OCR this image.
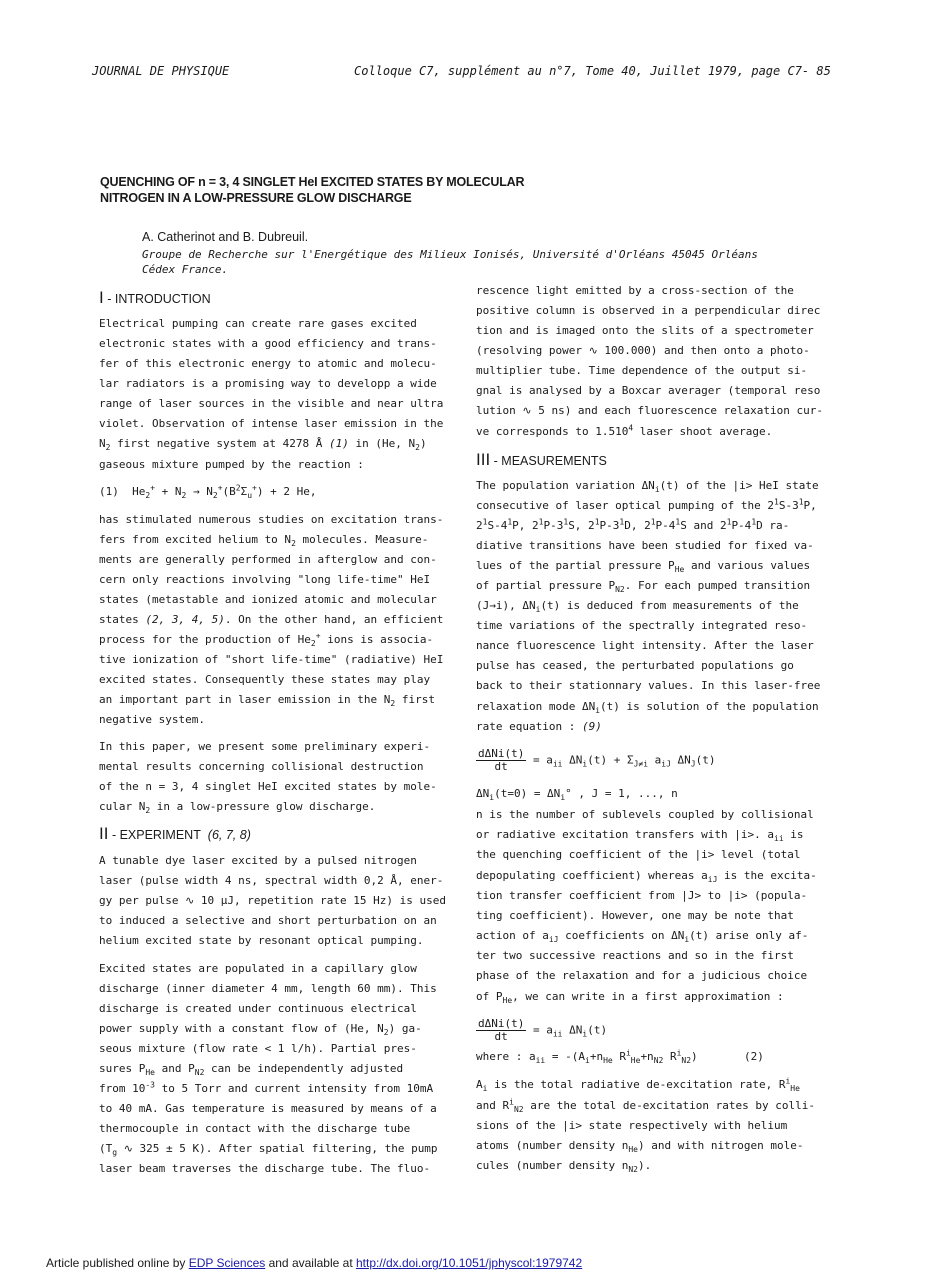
JOURNAL DE PHYSIQUE	Colloque C7, supplément au n°7, Tome 40, Juillet 1979, page C7- 85
QUENCHING OF n = 3, 4 SINGLET HeI EXCITED STATES BY MOLECULAR
NITROGEN IN A LOW-PRESSURE GLOW DISCHARGE
A. Catherinot and B. Dubreuil.
Groupe de Recherche sur l'Energétique des Milieux Ionisés, Université d'Orléans 45045 Orléans
Cédex France.
I - INTRODUCTION
Electrical pumping can create rare gases excited
electronic states with a good efficiency and trans-
fer of this electronic energy to atomic and molecu-
lar radiators is a promising way to developp a wide
range of laser sources in the visible and near ultra
violet. Observation of intense laser emission in the
$N_2$ first negative system at 4278 Å (1) in (He, $N_2$)
gaseous mixture pumped by the reaction :
(1) $He_2^+ + N_2 \to N_2^+(B^2\Sigma_u^+) + 2$ He,
has stimulated numerous studies on excitation trans-
fers from excited helium to $N_2$ molecules. Measure-
ments are generally performed in afterglow and con-
cern only reactions involving "long life-time" HeI
states (metastable and ionized atomic and molecular
states (2, 3, 4, 5). On the other hand, an efficient
process for the production of $He_2^+$ ions is associa-
tive ionization of "short life-time" (radiative) HeI
excited states. Consequently these states may play
an important part in laser emission in the $N_2$ first
negative system.
In this paper, we present some preliminary experi-
mental results concerning collisional destruction
of the n = 3, 4 singlet HeI excited states by mole-
cular $N_2$ in a low-pressure glow discharge.
II - EXPERIMENT (6, 7, 8)
A tunable dye laser excited by a pulsed nitrogen
laser (pulse width 4 ns, spectral width 0,2 Å, ener-
gy per pulse ∿ 10 μJ, repetition rate 15 Hz) is used
to induced a selective and short perturbation on an
helium excited state by resonant optical pumping.
Excited states are populated in a capillary glow
discharge (inner diameter 4 mm, length 60 mm). This
discharge is created under continuous electrical
power supply with a constant flow of (He, $N_2$) ga-
seous mixture (flow rate < 1 l/h). Partial pres-
sures $P_{He}$ and $P_{N2}$ can be independently adjusted
from $10^{-3}$ to 5 Torr and current intensity from 10mA
to 40 mA. Gas temperature is measured by means of a
thermocouple in contact with the discharge tube
($T_g$ ∿ 325 ± 5 K). After spatial filtering, the pump
laser beam traverses the discharge tube. The fluo-
rescence light emitted by a cross-section of the
positive column is observed in a perpendicular direc
tion and is imaged onto the slits of a spectrometer
(resolving power ∿ 100.000) and then onto a photo-
multiplier tube. Time dependence of the output si-
gnal is analysed by a Boxcar averager (temporal reso
lution ∿ 5 ns) and each fluorescence relaxation cur-
ve corresponds to 1.510$^4$ laser shoot average.
III - MEASUREMENTS
The population variation $\Delta N_i(t)$ of the |i> HeI state
consecutive of laser optical pumping of the $2^1S-3^1P$,
$2^1S-4^1P$, $2^1P-3^1S$, $2^1P-3^1D$, $2^1P-4^1S$ and $2^1P-4^1D$ ra-
diative transitions have been studied for fixed va-
lues of the partial pressure $P_{He}$ and various values
of partial pressure $P_{N2}$. For each pumped transition
(J→i), $\Delta N_i(t)$ is deduced from measurements of the
time variations of the spectrally integrated reso-
nance fluorescence light intensity. After the laser
pulse has ceased, the perturbated populations go
back to their stationnary values. In this laser-free
relaxation mode $\Delta N_i(t)$ is solution of the population
rate equation : (9)
$\frac{\text{dΔNi(t)}}{dt} = a_{ii}$ $\Delta N_i(t) + \Sigma_{J\ne i}$ $a_{iJ}$ $\Delta N_J(t)$
$\Delta N_i(t=0) = \Delta N_i^\circ$ , J = 1, ..., n
n is the number of sublevels coupled by collisional
or radiative excitation transfers with |i>. $a_{ii}$ is
the quenching coefficient of the |i> level (total
depopulating coefficient) whereas $a_{iJ}$ is the excita-
tion transfer coefficient from |J> to |i> (popula-
ting coefficient). However, one may be note that
action of $a_{iJ}$ coefficients on $\Delta N_i(t)$ arise only af-
ter two successive reactions and so in the first
phase of the relaxation and for a judicious choice
of $P_{He}$, we can write in a first approximation :
$\frac{\text{dΔNi(t)}}{dt} = a_{ii}$ $\Delta N_i(t)$
where : $a_{ii} = -(A_i+n_{He}$ $R^i_{He}+n_{N2}$ $R^i_{N2}$)	(2)
$A_i$ is the total radiative de-excitation rate, $R^i_{He}$
and $R^i_{N2}$ are the total de-excitation rates by colli-
sions of the |i> state respectively with helium
atoms (number density $n_{He}$) and with nitrogen mole-
cules (number density $n_{N2}$).
Article published online by EDP Sciences and available at http://dx.doi.org/10.1051/jphyscol:1979742
